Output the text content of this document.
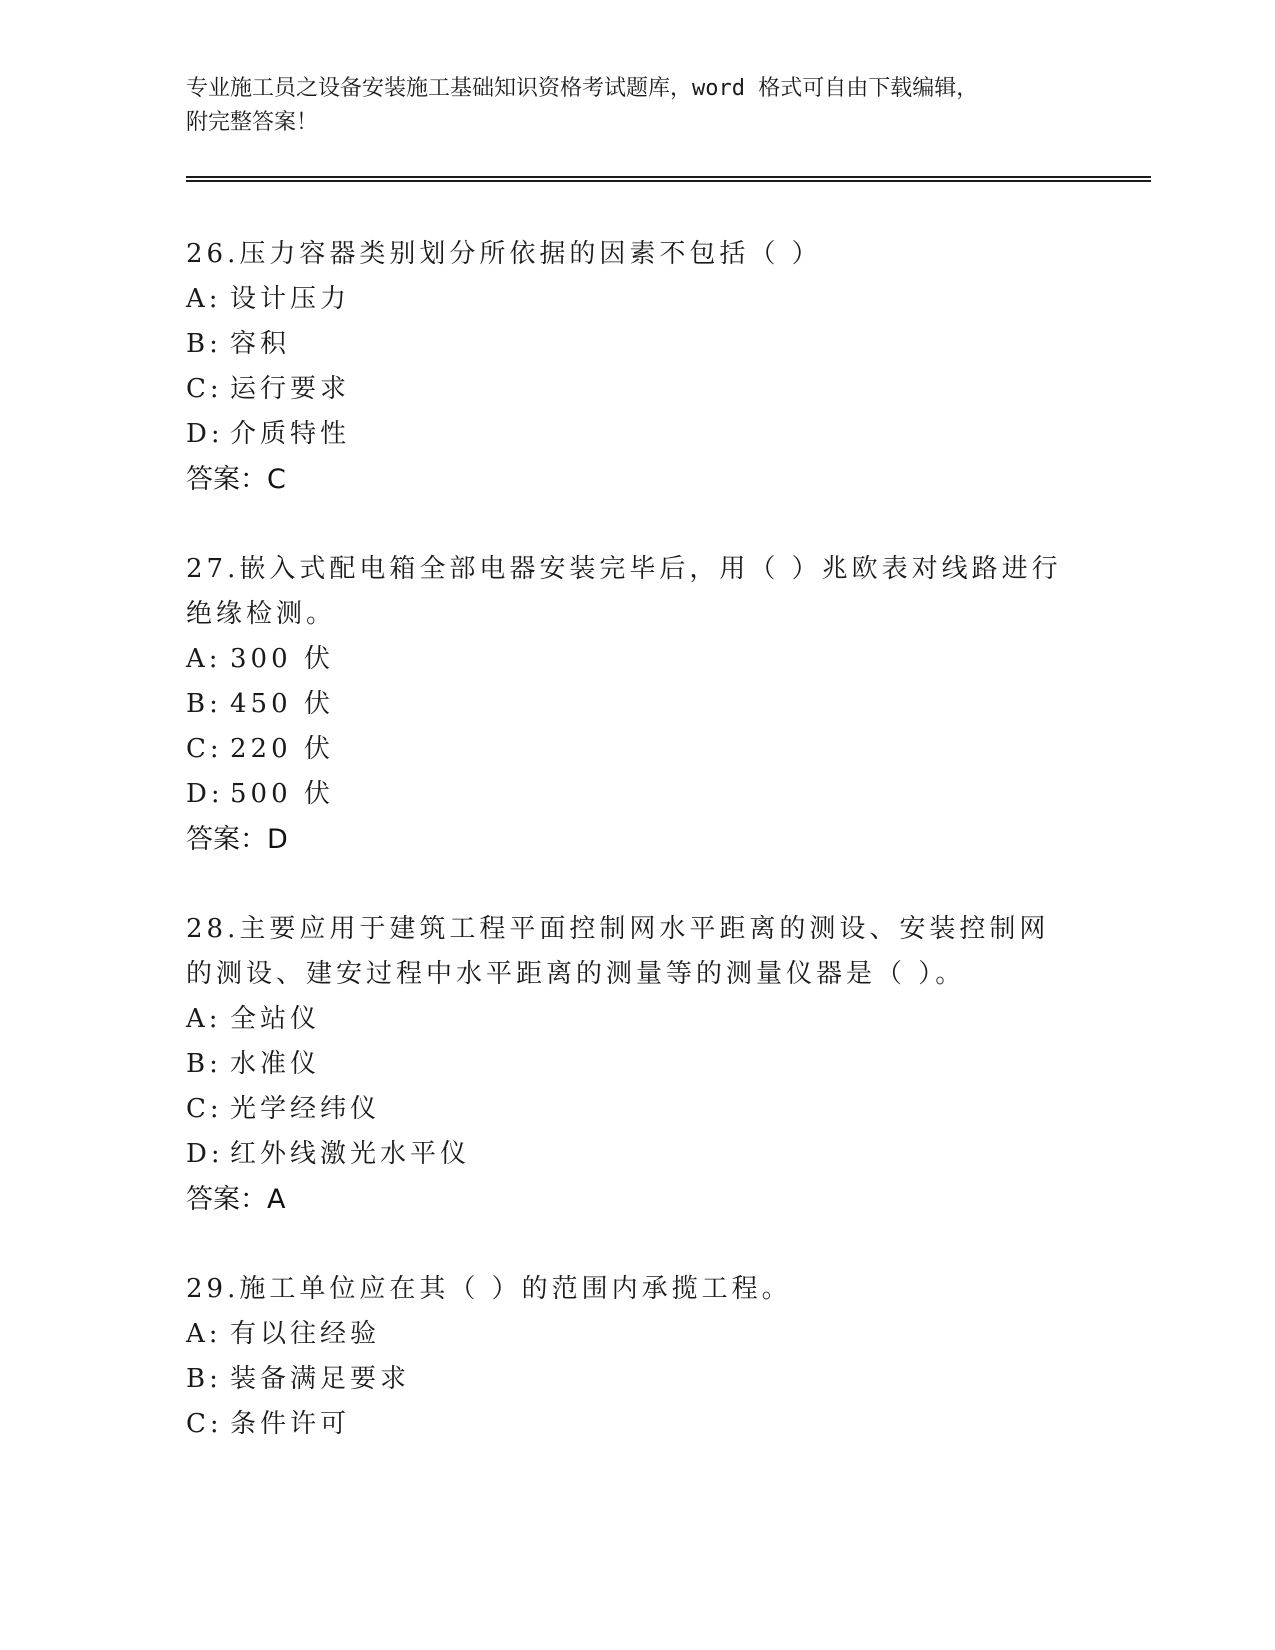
专业施工员之设备安装施工基础知识资格考试题库，word 格式可自由下载编辑，
附完整答案！

26.压力容器类别划分所依据的因素不包括（ ）

A: 设计压力

B: 容积

C: 运行要求

D: 介质特性

答案：C

27.嵌入式配电箱全部电器安装完毕后，用（ ）兆欧表对线路进行绝缘检测。

A: 300 伏

B: 450 伏

C: 220 伏

D: 500 伏

答案：D

28.主要应用于建筑工程平面控制网水平距离的测设、安装控制网的测设、建安过程中水平距离的测量等的测量仪器是（ ）。

A: 全站仪

B: 水准仪

C: 光学经纬仪

D: 红外线激光水平仪

答案：A

29.施工单位应在其（ ）的范围内承揽工程。

A: 有以往经验

B: 装备满足要求

C: 条件许可
